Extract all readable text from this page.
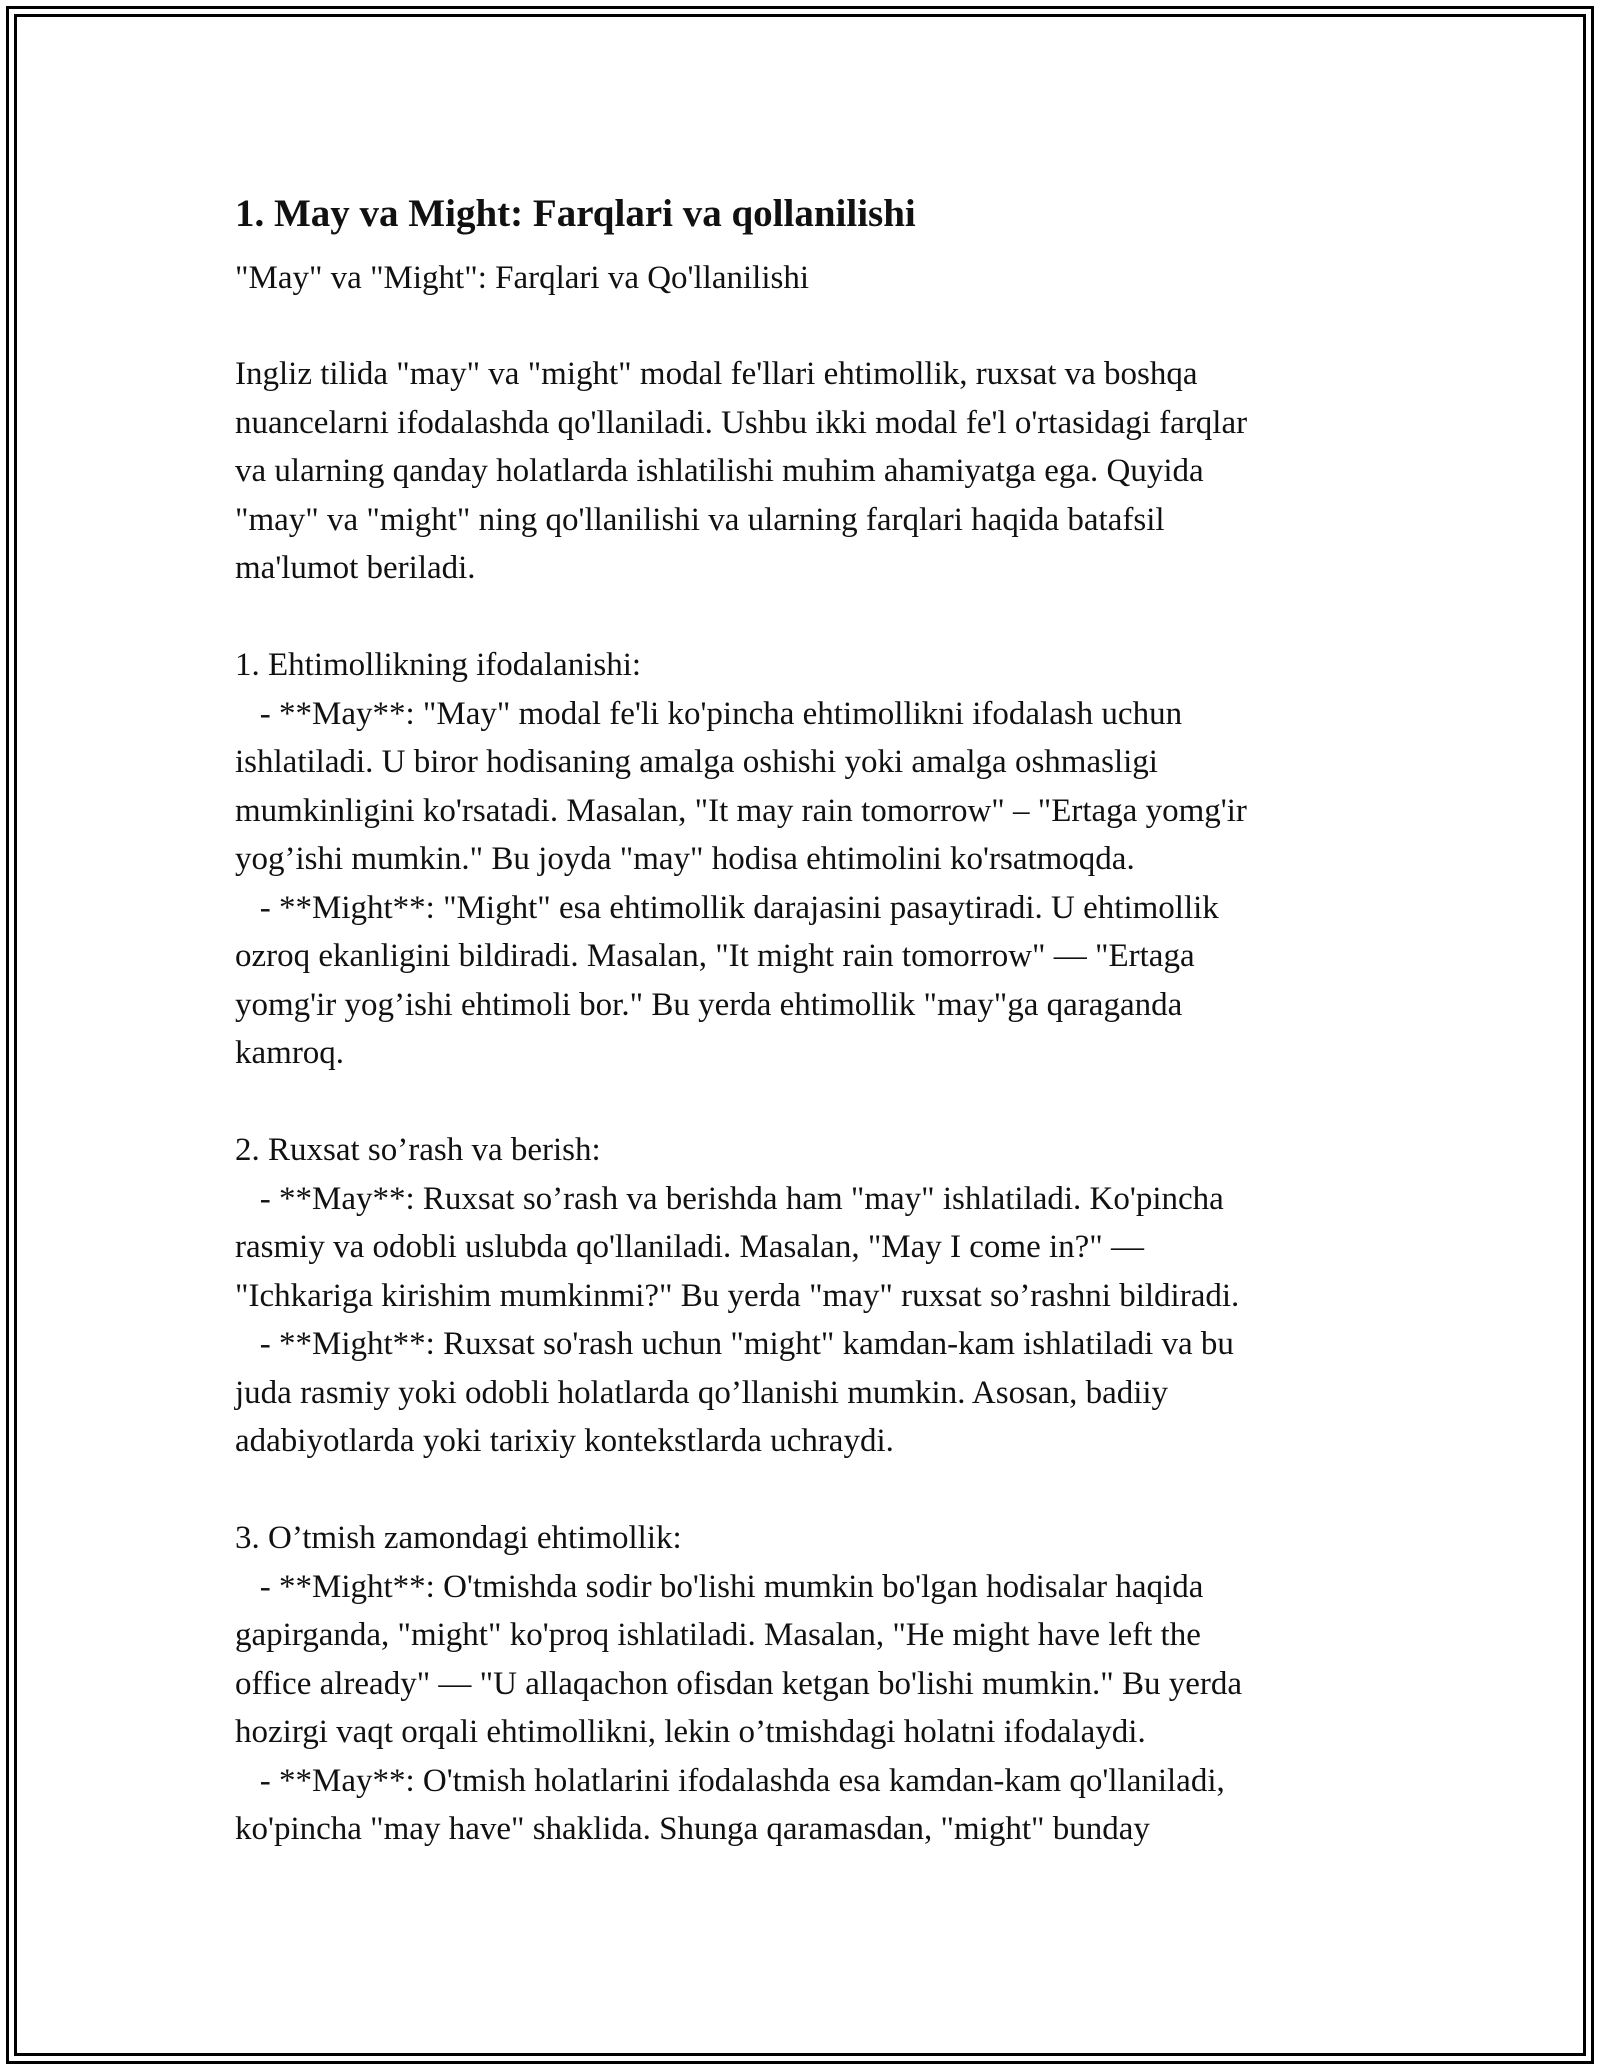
1. May va Might: Farqlari va qollanilishi

"May" va "Might": Farqlari va Qo'llanilishi

Ingliz tilida "may" va "might" modal fe'llari ehtimollik, ruxsat va boshqa

nuancelarni ifodalashda qo'llaniladi. Ushbu ikki modal fe'l o'rtasidagi farqlar

va ularning qanday holatlarda ishlatilishi muhim ahamiyatga ega. Quyida

"may" va "might" ning qo'llanilishi va ularning farqlari haqida batafsil

ma'lumot beriladi.

1. Ehtimollikning ifodalanishi:

- **May**: "May" modal fe'li ko'pincha ehtimollikni ifodalash uchun

ishlatiladi. U biror hodisaning amalga oshishi yoki amalga oshmasligi

mumkinligini ko'rsatadi. Masalan, "It may rain tomorrow" – "Ertaga yomg'ir

yog’ishi mumkin." Bu joyda "may" hodisa ehtimolini ko'rsatmoqda.

- **Might**: "Might" esa ehtimollik darajasini pasaytiradi. U ehtimollik

ozroq ekanligini bildiradi. Masalan, "It might rain tomorrow" — "Ertaga

yomg'ir yog’ishi ehtimoli bor." Bu yerda ehtimollik "may"ga qaraganda

kamroq.

2. Ruxsat so’rash va berish:

- **May**: Ruxsat so’rash va berishda ham "may" ishlatiladi. Ko'pincha

rasmiy va odobli uslubda qo'llaniladi. Masalan, "May I come in?" —

"Ichkariga kirishim mumkinmi?" Bu yerda "may" ruxsat so’rashni bildiradi.

- **Might**: Ruxsat so'rash uchun "might" kamdan-kam ishlatiladi va bu

juda rasmiy yoki odobli holatlarda qo’llanishi mumkin. Asosan, badiiy

adabiyotlarda yoki tarixiy kontekstlarda uchraydi.

3. O’tmish zamondagi ehtimollik:

- **Might**: O'tmishda sodir bo'lishi mumkin bo'lgan hodisalar haqida

gapirganda, "might" ko'proq ishlatiladi. Masalan, "He might have left the

office already" — "U allaqachon ofisdan ketgan bo'lishi mumkin." Bu yerda

hozirgi vaqt orqali ehtimollikni, lekin o’tmishdagi holatni ifodalaydi.

- **May**: O'tmish holatlarini ifodalashda esa kamdan-kam qo'llaniladi,

ko'pincha "may have" shaklida. Shunga qaramasdan, "might" bunday
